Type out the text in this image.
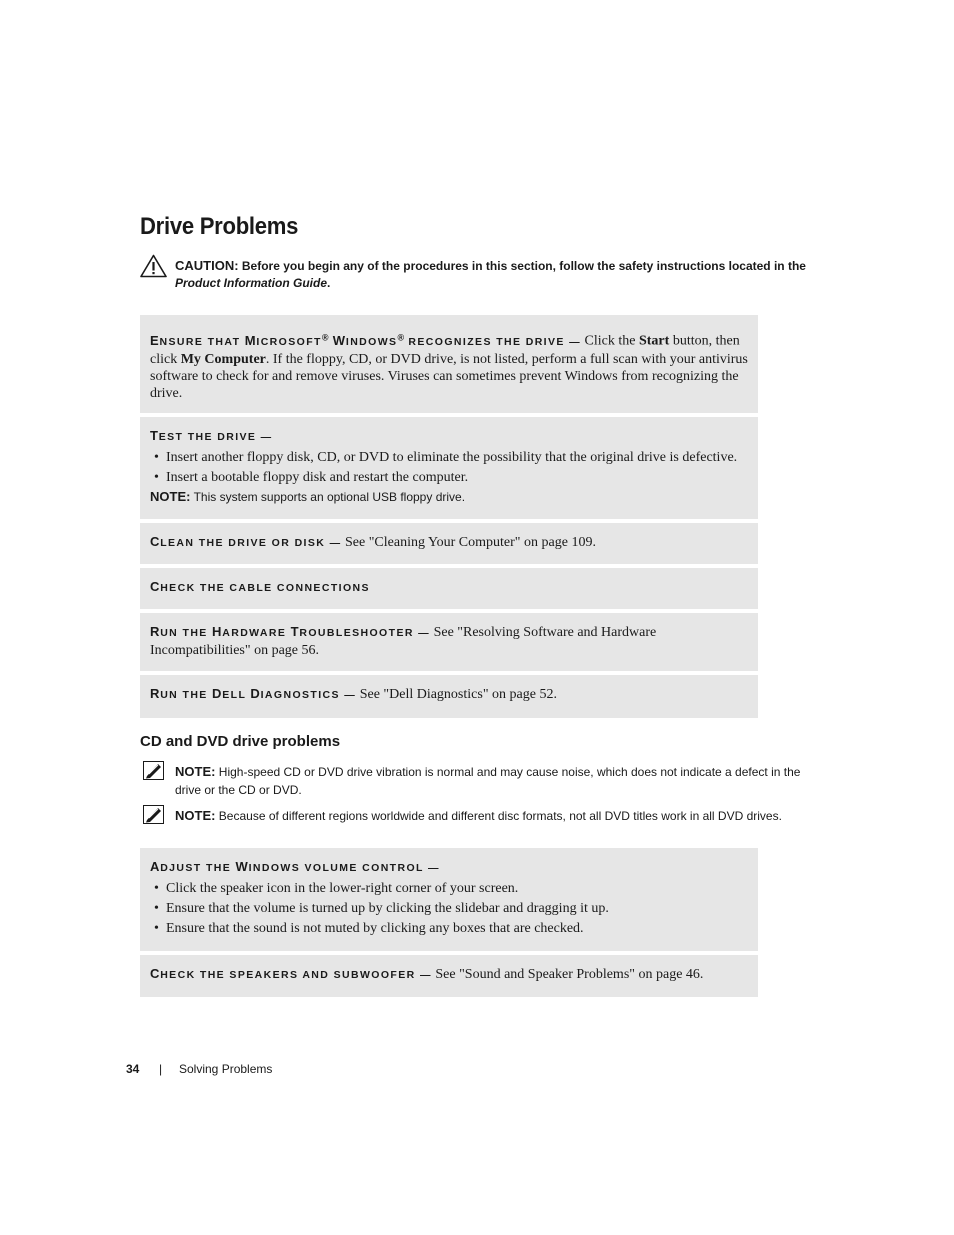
Drive Problems
CAUTION: Before you begin any of the procedures in this section, follow the safety instructions located in the Product Information Guide.

ENSURE THAT MICROSOFT® WINDOWS® RECOGNIZES THE DRIVE — Click the Start button, then click My Computer. If the floppy, CD, or DVD drive, is not listed, perform a full scan with your antivirus software to check for and remove viruses. Viruses can sometimes prevent Windows from recognizing the drive.

TEST THE DRIVE —

• Insert another floppy disk, CD, or DVD to eliminate the possibility that the original drive is defective.
• Insert a bootable floppy disk and restart the computer.

NOTE: This system supports an optional USB floppy drive.

CLEAN THE DRIVE OR DISK — See "Cleaning Your Computer" on page 109.

CHECK THE CABLE CONNECTIONS

RUN THE HARDWARE TROUBLESHOOTER — See "Resolving Software and Hardware Incompatibilities" on page 56.

RUN THE DELL DIAGNOSTICS — See "Dell Diagnostics" on page 52.

CD and DVD drive problems
NOTE: High-speed CD or DVD drive vibration is normal and may cause noise, which does not indicate a defect in the drive or the CD or DVD.
NOTE: Because of different regions worldwide and different disc formats, not all DVD titles work in all DVD drives.

ADJUST THE WINDOWS VOLUME CONTROL —

• Click the speaker icon in the lower-right corner of your screen.
• Ensure that the volume is turned up by clicking the slidebar and dragging it up.
• Ensure that the sound is not muted by clicking any boxes that are checked.

CHECK THE SPEAKERS AND SUBWOOFER — See "Sound and Speaker Problems" on page 46.

34 | Solving Problems
